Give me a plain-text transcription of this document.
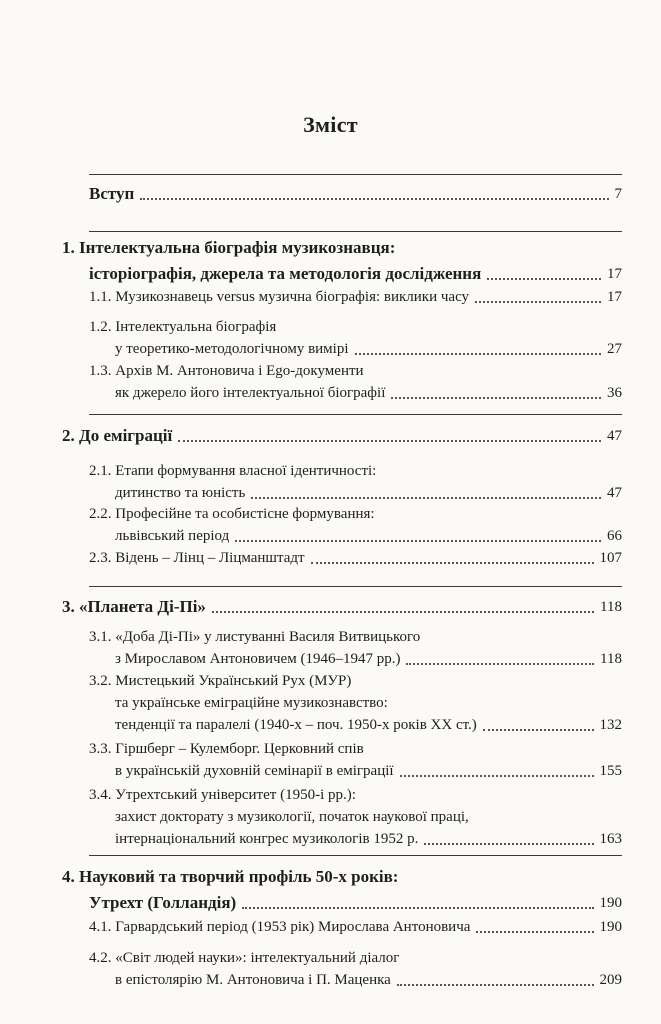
Зміст
Вступ	7
1. Інтелектуальна біографія музикознавця:
історіографія, джерела та методологія дослідження	17
1.1. Музикознавець versus музична біографія: виклики часу	17
1.2. Інтелектуальна біографія
у теоретико-методологічному вимірі	27
1.3. Архів М. Антоновича і Ego-документи
як джерело його інтелектуальної біографії	36
2. До еміграції	47
2.1. Етапи формування власної ідентичності:
дитинство та юність	47
2.2. Професійне та особистісне формування:
львівський період	66
2.3. Відень – Лінц – Ліцманштадт	107
3. «Планета Ді-Пі»	118
3.1. «Доба Ді-Пі» у листуванні Василя Витвицького
з Мирославом Антоновичем (1946–1947 рр.)	118
3.2. Мистецький Український Рух (МУР)
та українське еміграційне музикознавство:
тенденції та паралелі (1940-х – поч. 1950-х років ХХ ст.)	132
3.3. Гіршберг – Кулемборг. Церковний спів
в українській духовній семінарії в еміграції	155
3.4. Утрехтський університет (1950-і рр.):
захист докторату з музикології, початок наукової праці,
інтернаціональний конгрес музикологів 1952 р.	163
4. Науковий та творчий профіль 50-х років:
Утрехт (Голландія)	190
4.1. Гарвардський період (1953 рік) Мирослава Антоновича	190
4.2. «Світ людей науки»: інтелектуальний діалог
в епістолярію М. Антоновича і П. Маценка	209
